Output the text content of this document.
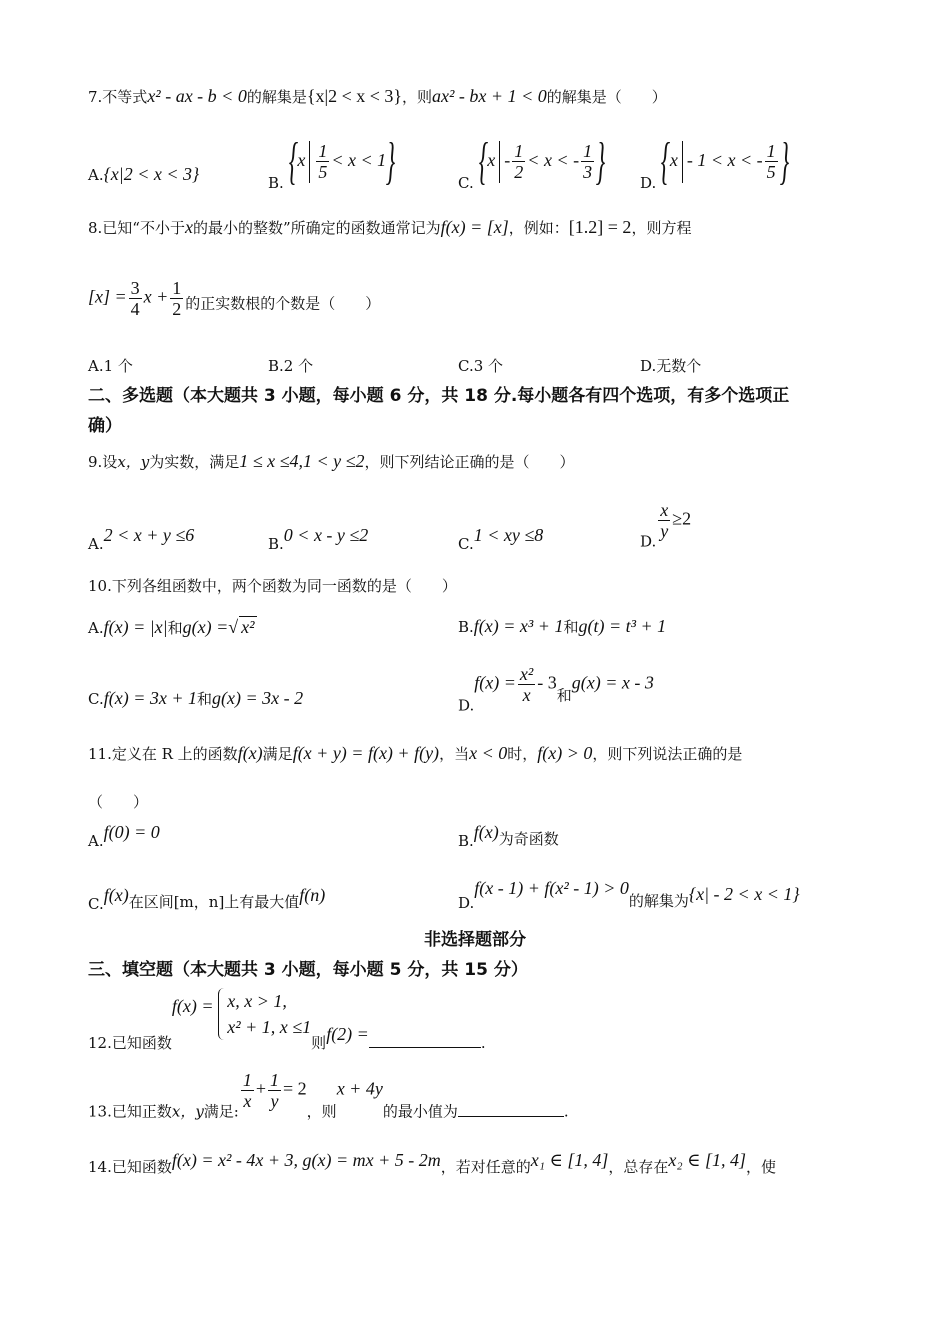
7.不等式x² - ax - b < 0的解集是{x|2 < x < 3}，则ax² - bx + 1 < 0的解集是（　　）
A.{x|2 < x < 3}	B. $\{x \frac{1}{5} < x < 1\}$	C. {$x - \frac{1}{2} < x$ < - $\frac{1}{3}$ } D. {x - 1 < x < - $\frac{1}{5}$ }
8.已知“不小于x的最小的整数”所确定的函数通常记为f(x) = [x]，例如：[1.2] = 2，则方程
$[x] = \frac{3}{4}$ $x + \frac{1}{2}$ 的正实数根的个数是（　　）
A.1 个	B.2 个	C.3 个	D.无数个
二、多选题（本大题共 3 小题，每小题 6 分，共 18 分.每小题各有四个选项，有多个选项正
确）
9.设x，y为实数，满足1 ≤ x ≤4,1 < y ≤2，则下列结论正确的是（　　）
A.2 < x + y ≤6	B.0 < x - y ≤2	C.1 < xy ≤8	D.
$\frac{x}{y} \ge 2$
10.下列各组函数中，两个函数为同一函数的是（　　）
A.f(x) = |x|和g(x) =√ x²	B.f(x) = x³ + 1和g(t) = t³ + 1
C.f(x) = 3x + 1和g(x) = 3x - 2	$D.f(x) = \frac{\text{x²}}{x} - 3$和g(x) = x - 3
11.定义在 R 上的函数f(x)满足f(x + y) = f(x) + f(y)，当x < 0时，f(x) > 0，则下列说法正确的是
（　　）
A.f(0) = 0	B.f(x)为奇函数
C.f(x)在区间[m，n]上有最大值f(n)	D.f(x - 1) + f(x² - 1) > 0的解集为{x| - 2 < x < 1}
非选择题部分
三、填空题（本大题共 3 小题，每小题 5 分，共 15 分）
12.已知函数f(x) = x, x > 1,
x² + 1, x ≤1
则f(2) =	.
13.已知正数x，y满足:
$\frac{1}{x} + \frac{1}{y} = 2$，则x + 4y的最小值为	.
14.已知函数f(x) = x² - 4x + 3, g(x) = mx + 5 - 2m，若对任意的x₁ ∈ [1, 4]，总存在x₂ ∈ [1, 4]，使
